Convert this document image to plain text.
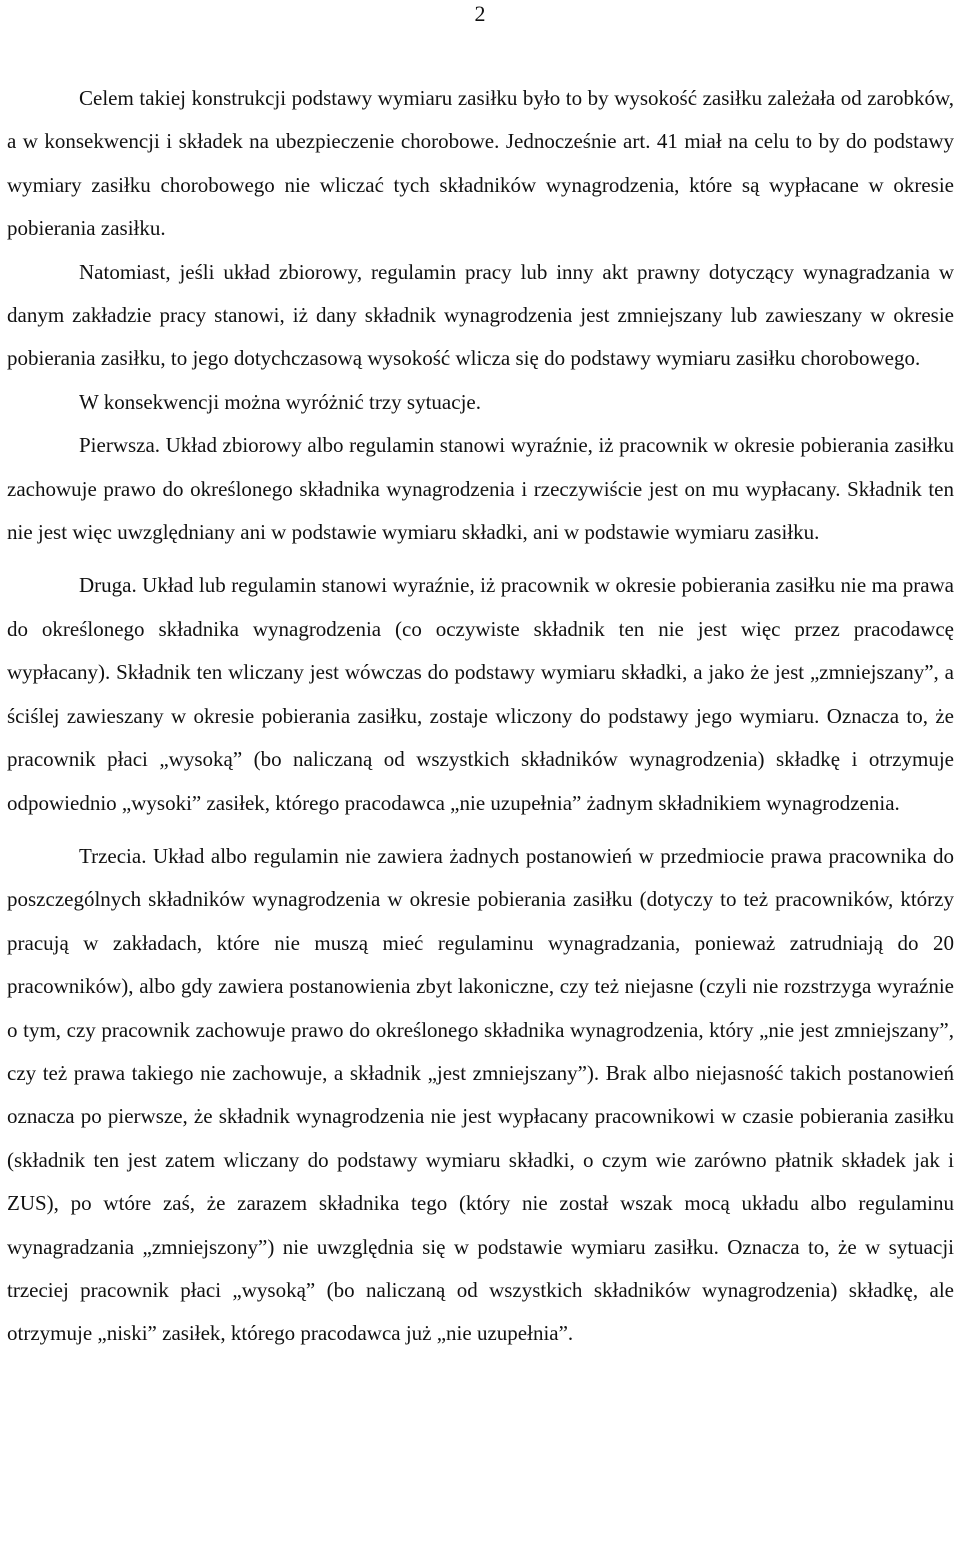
2

Celem takiej konstrukcji podstawy wymiaru zasiłku było to by wysokość zasiłku zależała od zarobków, a w konsekwencji i składek na ubezpieczenie chorobowe. Jednocześnie art. 41 miał na celu to by do podstawy wymiary zasiłku chorobowego nie wliczać tych składników wynagrodzenia, które są wypłacane w okresie pobierania zasiłku.

Natomiast, jeśli układ zbiorowy, regulamin pracy lub inny akt prawny dotyczący wynagradzania w danym zakładzie pracy stanowi, iż dany składnik wynagrodzenia jest zmniejszany lub zawieszany w okresie pobierania zasiłku, to jego dotychczasową wysokość wlicza się do podstawy wymiaru zasiłku chorobowego.

W konsekwencji można wyróżnić trzy sytuacje.

Pierwsza. Układ zbiorowy albo regulamin stanowi wyraźnie, iż pracownik w okresie pobierania zasiłku zachowuje prawo do określonego składnika wynagrodzenia i rzeczywiście jest on mu wypłacany. Składnik ten nie jest więc uwzględniany ani w podstawie wymiaru składki, ani w podstawie wymiaru zasiłku.

Druga. Układ lub regulamin stanowi wyraźnie, iż pracownik w okresie pobierania zasiłku nie ma prawa do określonego składnika wynagrodzenia (co oczywiste składnik ten nie jest więc przez pracodawcę wypłacany). Składnik ten wliczany jest wówczas do podstawy wymiaru składki, a jako że jest „zmniejszany”, a ściślej zawieszany w okresie pobierania zasiłku, zostaje wliczony do podstawy jego wymiaru. Oznacza to, że pracownik płaci „wysoką” (bo naliczaną od wszystkich składników wynagrodzenia) składkę i otrzymuje odpowiednio „wysoki” zasiłek, którego pracodawca „nie uzupełnia” żadnym składnikiem wynagrodzenia.

Trzecia. Układ albo regulamin nie zawiera żadnych postanowień w przedmiocie prawa pracownika do poszczególnych składników wynagrodzenia w okresie pobierania zasiłku (dotyczy to też pracowników, którzy pracują w zakładach, które nie muszą mieć regulaminu wynagradzania, ponieważ zatrudniają do 20 pracowników), albo gdy zawiera postanowienia zbyt lakoniczne, czy też niejasne (czyli nie rozstrzyga wyraźnie o tym, czy pracownik zachowuje prawo do określonego składnika wynagrodzenia, który „nie jest zmniejszany”, czy też prawa takiego nie zachowuje, a składnik „jest zmniejszany”). Brak albo niejasność takich postanowień oznacza po pierwsze, że składnik wynagrodzenia nie jest wypłacany pracownikowi w czasie pobierania zasiłku (składnik ten jest zatem wliczany do podstawy wymiaru składki, o czym wie zarówno płatnik składek jak i ZUS), po wtóre zaś, że zarazem składnika tego (który nie został wszak mocą układu albo regulaminu wynagradzania „zmniejszony”) nie uwzględnia się w podstawie wymiaru zasiłku. Oznacza to, że w sytuacji trzeciej pracownik płaci „wysoką” (bo naliczaną od wszystkich składników wynagrodzenia) składkę, ale otrzymuje „niski” zasiłek, którego pracodawca już „nie uzupełnia”.
